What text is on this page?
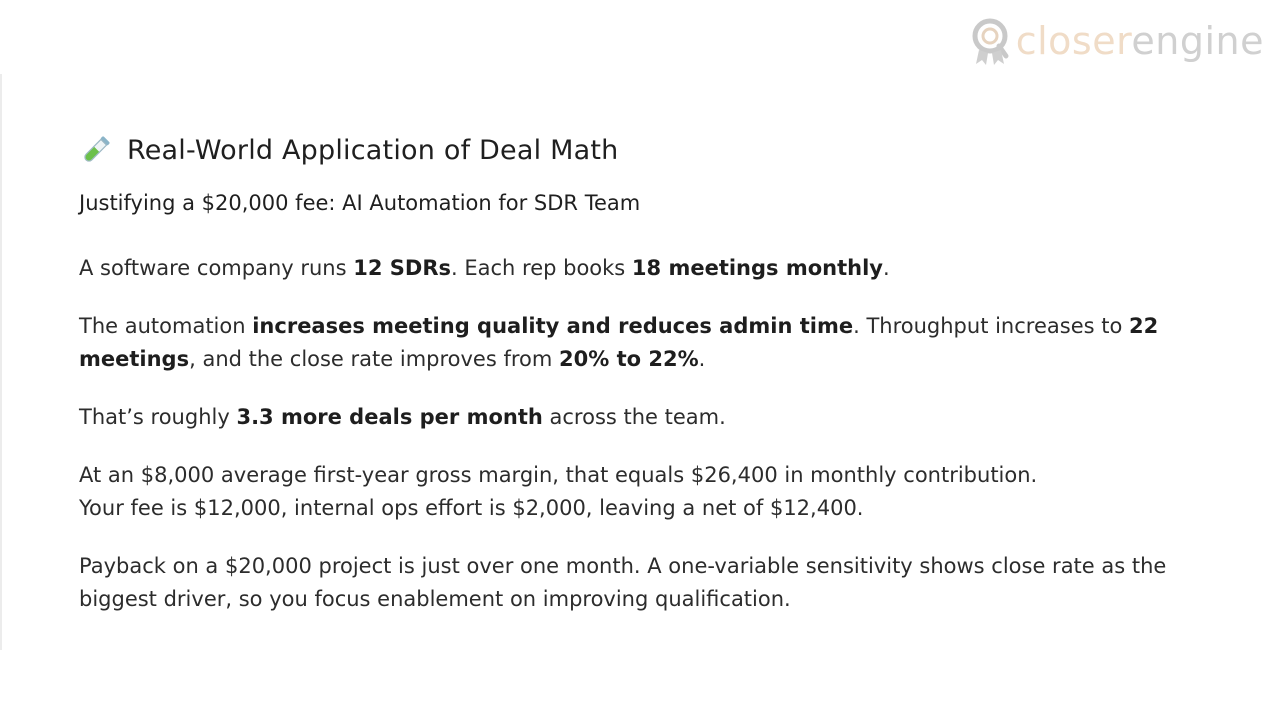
closerengine
Real-World Application of Deal Math
Justifying a $20,000 fee: AI Automation for SDR Team

A software company runs 12 SDRs. Each rep books 18 meetings monthly.

The automation increases meeting quality and reduces admin time. Throughput increases to 22 meetings, and the close rate improves from 20% to 22%.

That’s roughly 3.3 more deals per month across the team.

At an $8,000 average first-year gross margin, that equals $26,400 in monthly contribution.
Your fee is $12,000, internal ops effort is $2,000, leaving a net of $12,400.

Payback on a $20,000 project is just over one month. A one-variable sensitivity shows close rate as the biggest driver, so you focus enablement on improving qualification.
